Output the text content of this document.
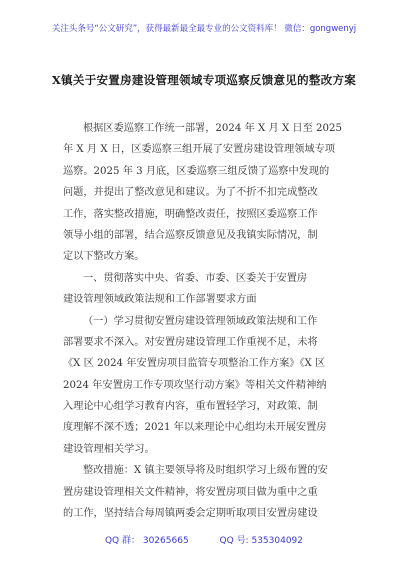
关注头条号“公文研究”，获得最新最全最专业的公文资料库！ 微信：gongwenyj
X镇关于安置房建设管理领域专项巡察反馈意见的整改方案
根据区委巡察工作统一部署，2024 年 X 月 X 日至 2025
年 X 月 X 日，区委巡察三组开展了安置房建设管理领域专项
巡察。2025 年 3 月底，区委巡察三组反馈了巡察中发现的
问题，并提出了整改意见和建议。为了不折不扣完成整改
工作，落实整改措施，明确整改责任，按照区委巡察工作
领导小组的部署，结合巡察反馈意见及我镇实际情况，制
定以下整改方案。
一、贯彻落实中央、省委、市委、区委关于安置房
建设管理领域政策法规和工作部署要求方面
（一）学习贯彻安置房建设管理领域政策法规和工作
部署要求不深入。对安置房建设管理工作重视不足，未将
《X 区 2024 年安置房项目监管专项整治工作方案》《X 区
2024 年安置房工作专项攻坚行动方案》等相关文件精神纳
入理论中心组学习教育内容，重布置轻学习，对政策、制
度理解不深不透；2021 年以来理论中心组均未开展安置房
建设管理相关学习。
整改措施：X 镇主要领导将及时组织学习上级布置的安
置房建设管理相关文件精神，将安置房项目做为重中之重
的工作，坚持结合每周镇两委会定期听取项目安置房建设
QQ 群： 30265665	QQ 号: 535304092
